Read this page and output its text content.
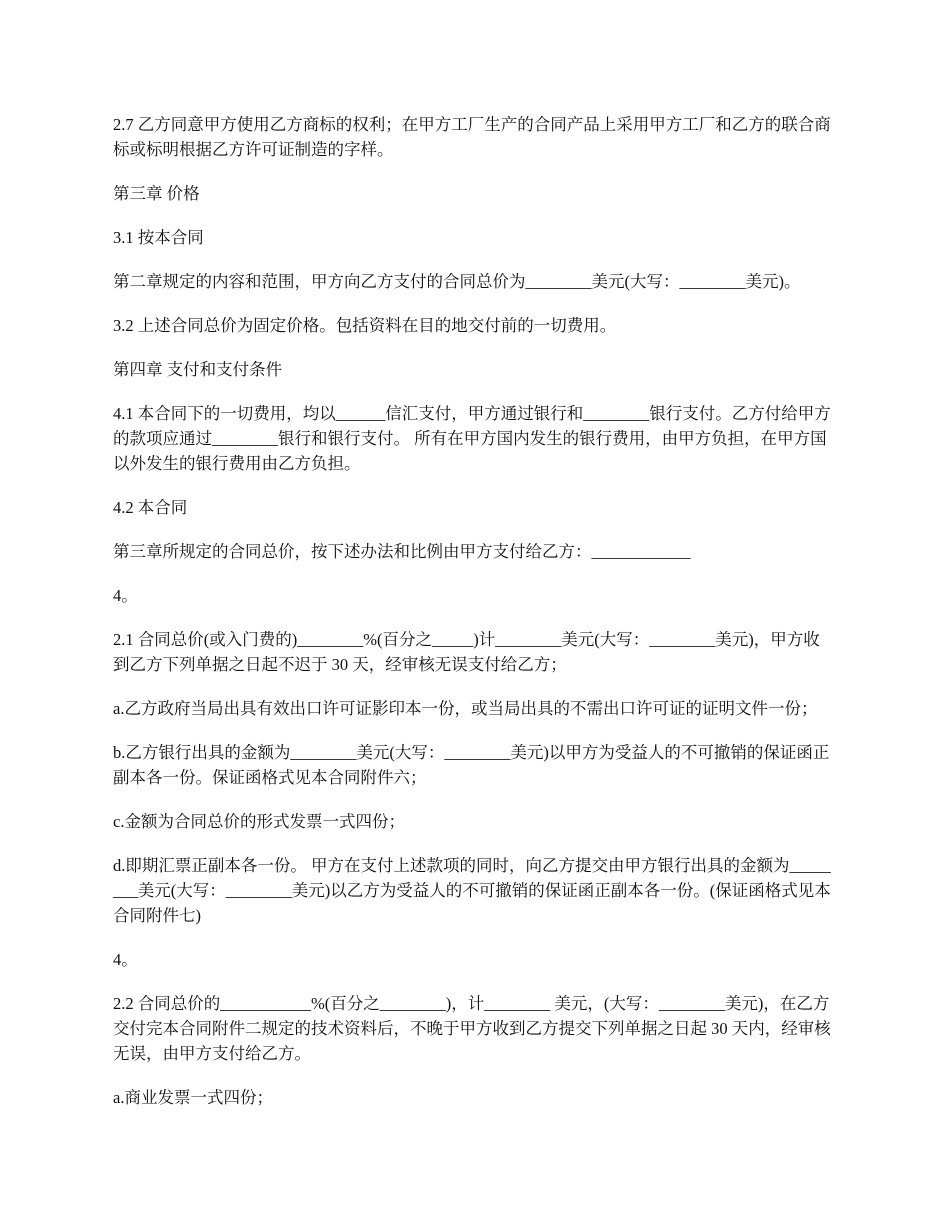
2.7 乙方同意甲方使用乙方商标的权利；在甲方工厂生产的合同产品上采用甲方工厂和乙方的联合商标或标明根据乙方许可证制造的字样。

第三章 价格

3.1 按本合同

第二章规定的内容和范围，甲方向乙方支付的合同总价为________美元(大写：________美元)。

3.2 上述合同总价为固定价格。包括资料在目的地交付前的一切费用。

第四章 支付和支付条件

4.1 本合同下的一切费用，均以______信汇支付，甲方通过银行和________银行支付。乙方付给甲方的款项应通过________银行和银行支付。 所有在甲方国内发生的银行费用，由甲方负担，在甲方国以外发生的银行费用由乙方负担。

4.2 本合同

第三章所规定的合同总价，按下述办法和比例由甲方支付给乙方：____________

4。

2.1 合同总价(或入门费的)________%(百分之_____)计________美元(大写：________美元)，甲方收到乙方下列单据之日起不迟于 30 天，经审核无误支付给乙方；

a.乙方政府当局出具有效出口许可证影印本一份，或当局出具的不需出口许可证的证明文件一份；

b.乙方银行出具的金额为________美元(大写：________美元)以甲方为受益人的不可撤销的保证函正副本各一份。保证函格式见本合同附件六；

c.金额为合同总价的形式发票一式四份；

d.即期汇票正副本各一份。 甲方在支付上述款项的同时，向乙方提交由甲方银行出具的金额为________美元(大写：________美元)以乙方为受益人的不可撤销的保证函正副本各一份。(保证函格式见本合同附件七)

4。

2.2 合同总价的___________%(百分之________)，计________ 美元，(大写：________美元)，在乙方交付完本合同附件二规定的技术资料后，不晚于甲方收到乙方提交下列单据之日起 30 天内，经审核无误，由甲方支付给乙方。

a.商业发票一式四份；
